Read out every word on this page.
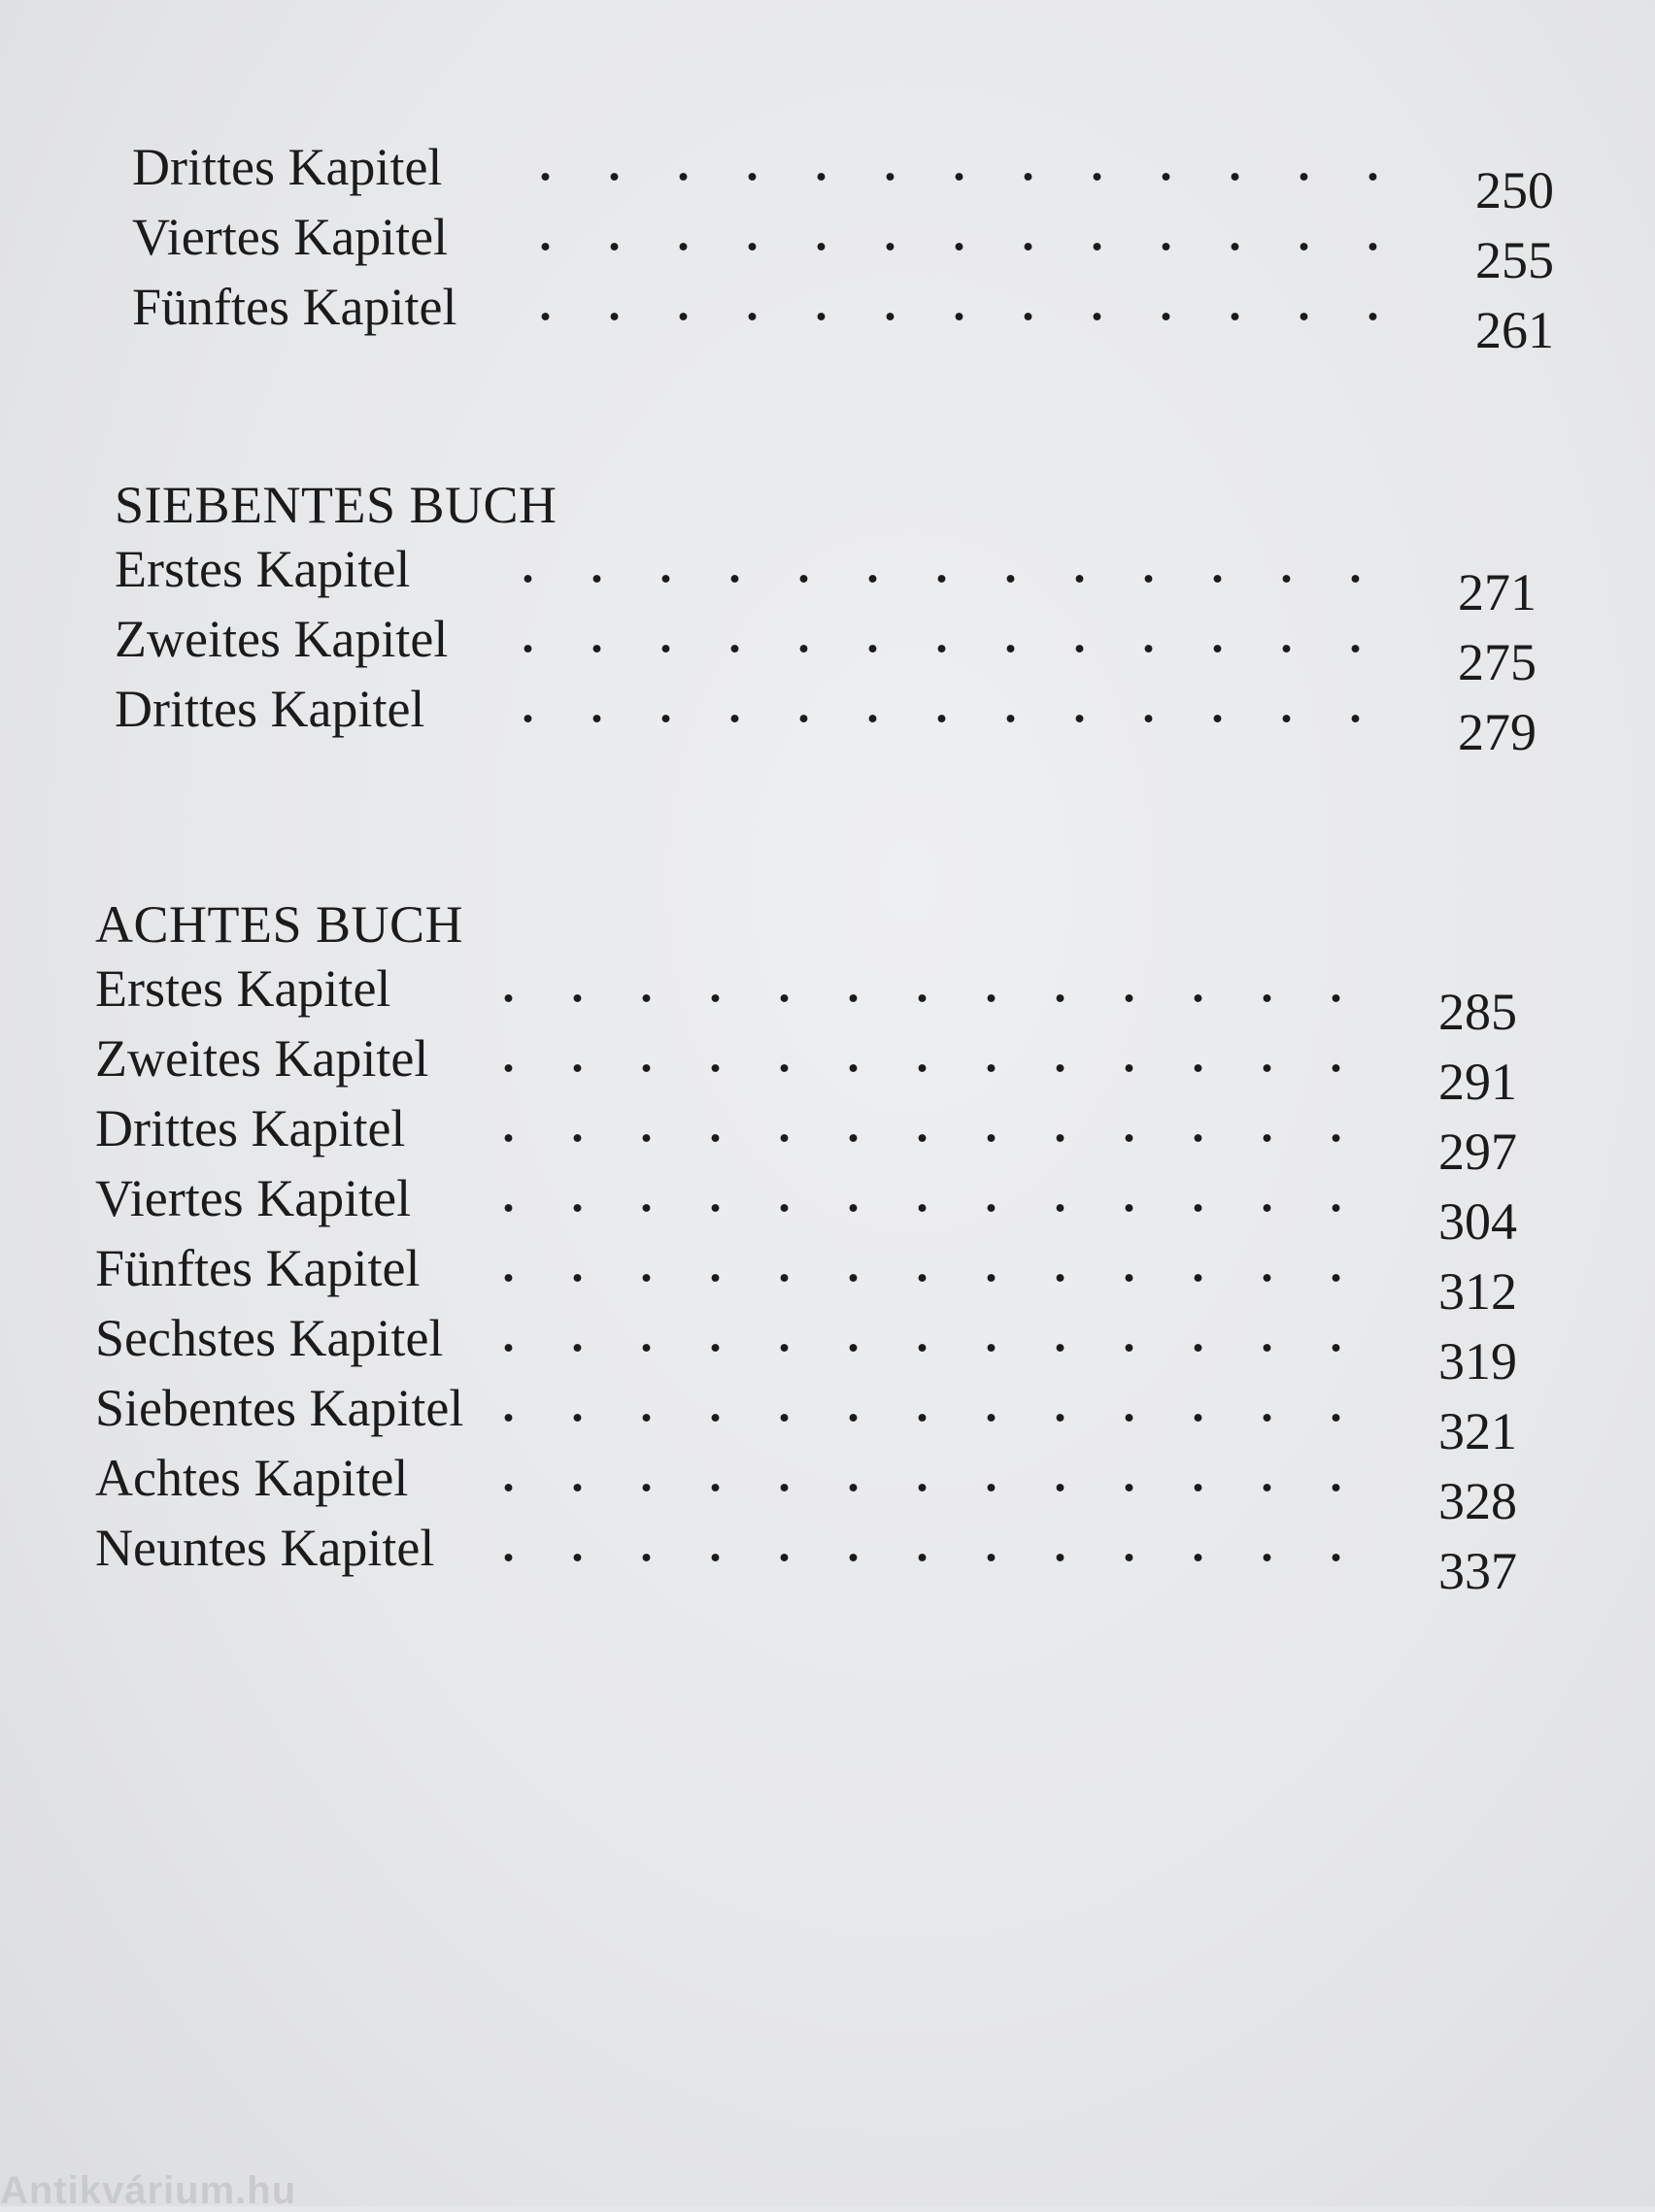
Drittes Kapitel	250
Viertes Kapitel	255
Fünftes Kapitel	261
SIEBENTES BUCH
Erstes Kapitel	271
Zweites Kapitel	275
Drittes Kapitel	279
ACHTES BUCH
Erstes Kapitel	285
Zweites Kapitel	291
Drittes Kapitel	297
Viertes Kapitel	304
Fünftes Kapitel	312
Sechstes Kapitel	319
Siebentes Kapitel	321
Achtes Kapitel	328
Neuntes Kapitel	337
Antikvárium.hu
